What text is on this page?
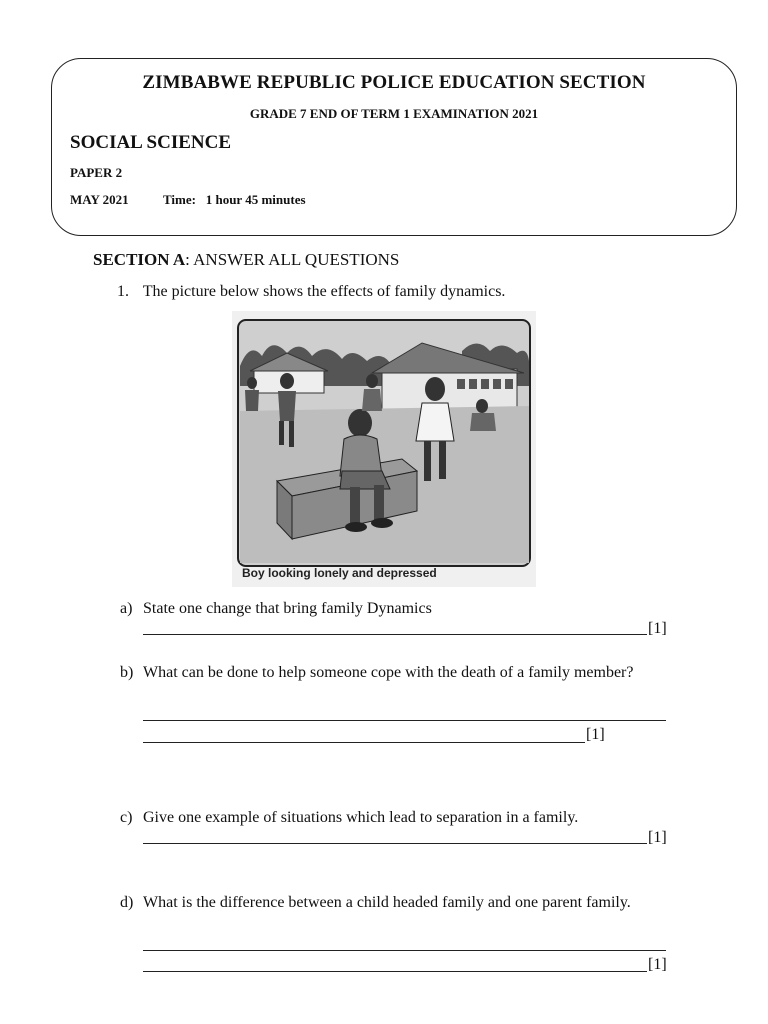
ZIMBABWE REPUBLIC POLICE EDUCATION SECTION
GRADE 7 END OF TERM 1 EXAMINATION 2021
SOCIAL SCIENCE
PAPER 2
MAY 2021	Time:   1 hour 45 minutes
SECTION A: ANSWER ALL QUESTIONS
1. The picture below shows the effects of family dynamics.
Boy looking lonely and depressed
a) State one change that bring family Dynamics
[1]
b) What can be done to help someone cope with the death of a family member?
[1]
c) Give one example of situations which lead to separation in a family.
[1]
d) What is the difference between a child headed family and one parent family.
[1]
